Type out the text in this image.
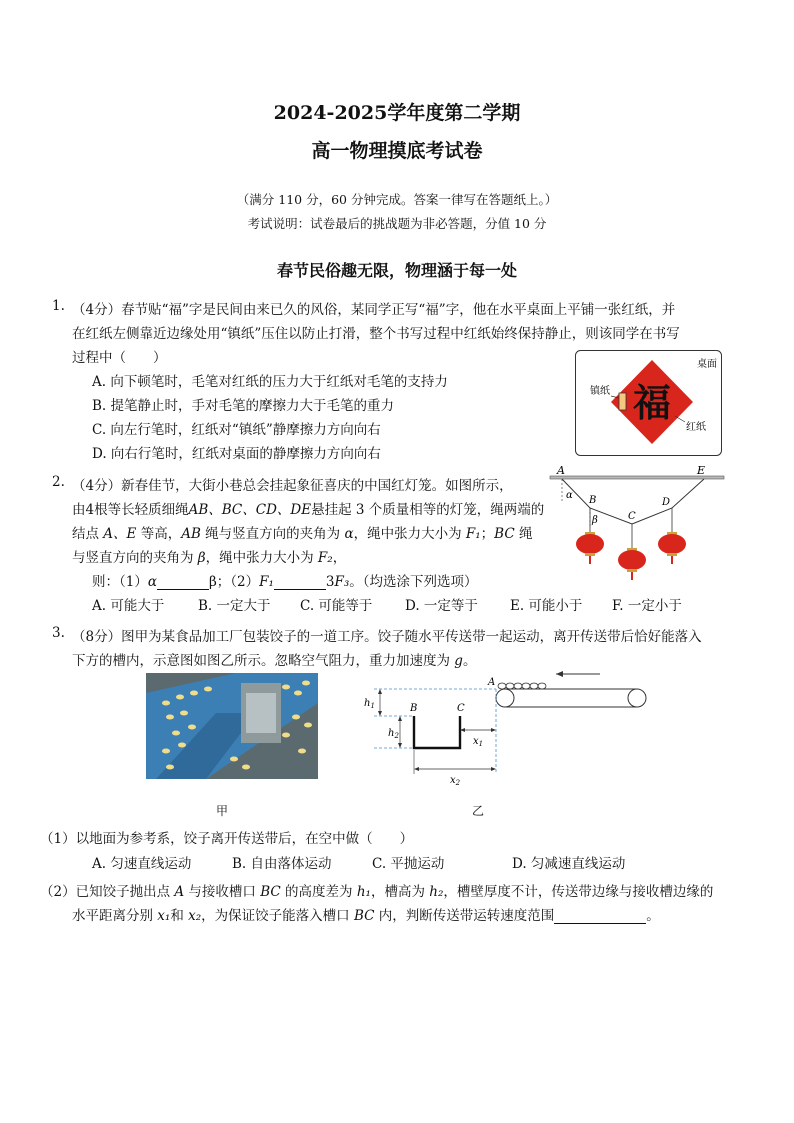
2024-2025学年度第二学期
高一物理摸底考试卷
（满分 110 分，60 分钟完成。答案一律写在答题纸上。）
考试说明：试卷最后的挑战题为非必答题，分值 10 分
春节民俗趣无限，物理涵于每一处
1. （4分）春节贴“福”字是民间由来已久的风俗，某同学正写“福”字，他在水平桌面上平铺一张红纸，并
在红纸左侧靠近边缘处用“镇纸”压住以防止打滑，整个书写过程中红纸始终保持静止，则该同学在书写
过程中（　　）
A. 向下顿笔时，毛笔对红纸的压力大于红纸对毛笔的支持力
B. 提笔静止时，手对毛笔的摩擦力大于毛笔的重力
C. 向左行笔时，红纸对“镇纸”静摩擦力方向向右
D. 向右行笔时，红纸对桌面的静摩擦力方向向右
福
桌面
镇纸
红纸
2. （4分）新春佳节，大街小巷总会挂起象征喜庆的中国红灯笼。如图所示，
由4根等长轻质细绳AB、BC、CD、DE悬挂起 3 个质量相等的灯笼，绳两端的
结点 A、E 等高，AB 绳与竖直方向的夹角为 α，绳中张力大小为 F₁；BC 绳
与竖直方向的夹角为 β，绳中张力大小为 F₂，
则：（1）α	β；（2）F₁	3F₃。（均选涂下列选项）
A. 可能大于 B. 一定大于 C. 可能等于 D. 一定等于 E. 可能小于 F. 一定小于
A	E
B
C
D
α
β
3. （8分）图甲为某食品加工厂包装饺子的一道工序。饺子随水平传送带一起运动，离开传送带后恰好能落入
下方的槽内，示意图如图乙所示。忽略空气阻力，重力加速度为 g。
甲
A
B	C
$h_1$
$h_2$	$x_1$
$x_2$
乙
（1）以地面为参考系，饺子离开传送带后，在空中做（　　）
A. 匀速直线运动	B. 自由落体运动	C. 平抛运动	D. 匀减速直线运动
（2）已知饺子抛出点 A 与接收槽口 BC 的高度差为 h₁，槽高为 h₂，槽壁厚度不计，传送带边缘与接收槽边缘的
水平距离分别 x₁和 x₂，为保证饺子能落入槽口 BC 内，判断传送带运转速度范围	。
